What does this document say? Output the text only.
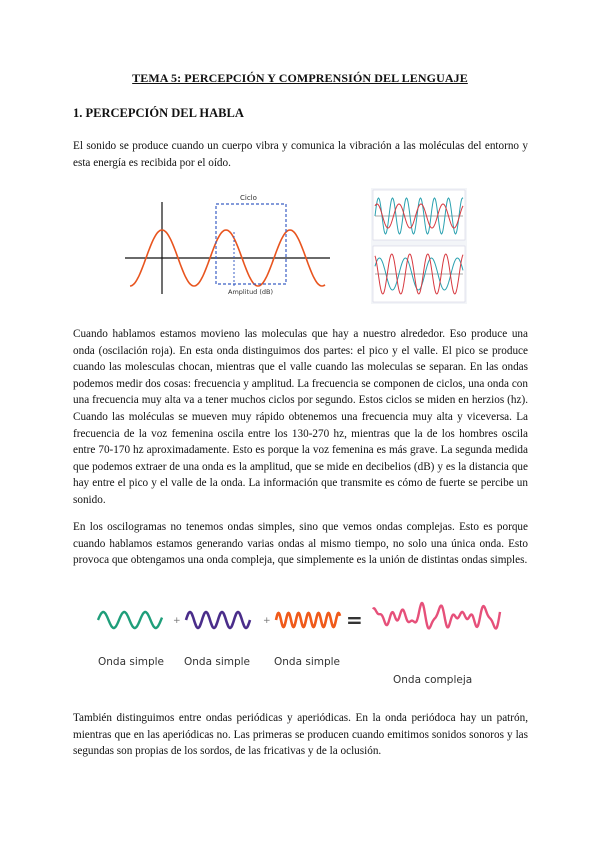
TEMA 5: PERCEPCIÓN Y COMPRENSIÓN DEL LENGUAJE
1. PERCEPCIÓN DEL HABLA

El sonido se produce cuando un cuerpo vibra y comunica la vibración a las moléculas del entorno y esta energía es recibida por el oído.

Ciclo
Amplitud (dB)

Cuando hablamos estamos movieno las moleculas que hay a nuestro alrededor. Eso produce una onda (oscilación roja). En esta onda distinguimos dos partes: el pico y el valle. El pico se produce cuando las molesculas chocan, mientras que el valle cuando las moleculas se separan. En las ondas podemos medir dos cosas: frecuencia y amplitud. La frecuencia se componen de ciclos, una onda con una frecuencia muy alta va a tener muchos ciclos por segundo. Estos ciclos se miden en herzios (hz). Cuando las moléculas se mueven muy rápido obtenemos una frecuencia muy alta y viceversa. La frecuencia de la voz femenina oscila entre los 130-270 hz, mientras que la de los hombres oscila entre 70-170 hz aproximadamente. Esto es porque la voz femenina es más grave. La segunda medida que podemos extraer de una onda es la amplitud, que se mide en decibelios (dB) y es la distancia que hay entre el pico y el valle de la onda. La información que transmite es cómo de fuerte se percibe un sonido.

En los oscilogramas no tenemos ondas simples, sino que vemos ondas complejas. Esto es porque cuando hablamos estamos generando varias ondas al mismo tiempo, no solo una única onda. Esto provoca que obtengamos una onda compleja, que simplemente es la unión de distintas ondas simples.

+	+	=
Onda simple Onda simple Onda simple
Onda compleja

También distinguimos entre ondas periódicas y aperiódicas. En la onda periódoca hay un patrón, mientras que en las aperiódicas no. Las primeras se producen cuando emitimos sonidos sonoros y las segundas son propias de los sordos, de las fricativas y de la oclusión.
